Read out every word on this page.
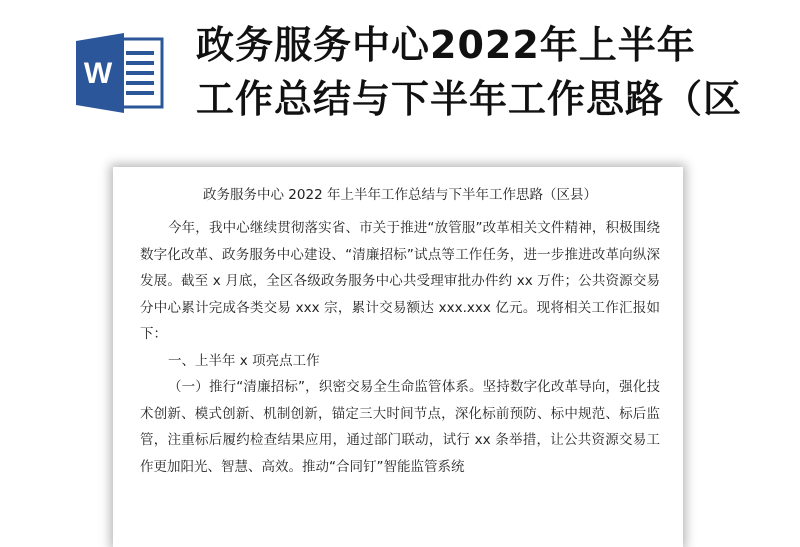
W
政务服务中心2022年上半年
工作总结与下半年工作思路（区
政务服务中心 2022 年上半年工作总结与下半年工作思路（区县）
今年，我中心继续贯彻落实省、市关于推进“放管服”改革相关文件精神，积极围绕数字化改革、政务服务中心建设、“清廉招标”试点等工作任务，进一步推进改革向纵深发展。截至 x 月底，全区各级政务服务中心共受理审批办件约 xx 万件；公共资源交易分中心累计完成各类交易 xxx 宗，累计交易额达 xxx.xxx 亿元。现将相关工作汇报如下：
一、上半年 x 项亮点工作
（一）推行“清廉招标”，织密交易全生命监管体系。坚持数字化改革导向，强化技术创新、模式创新、机制创新，锚定三大时间节点，深化标前预防、标中规范、标后监管，注重标后履约检查结果应用，通过部门联动，试行 xx 条举措，让公共资源交易工作更加阳光、智慧、高效。推动“合同钉”智能监管系统
